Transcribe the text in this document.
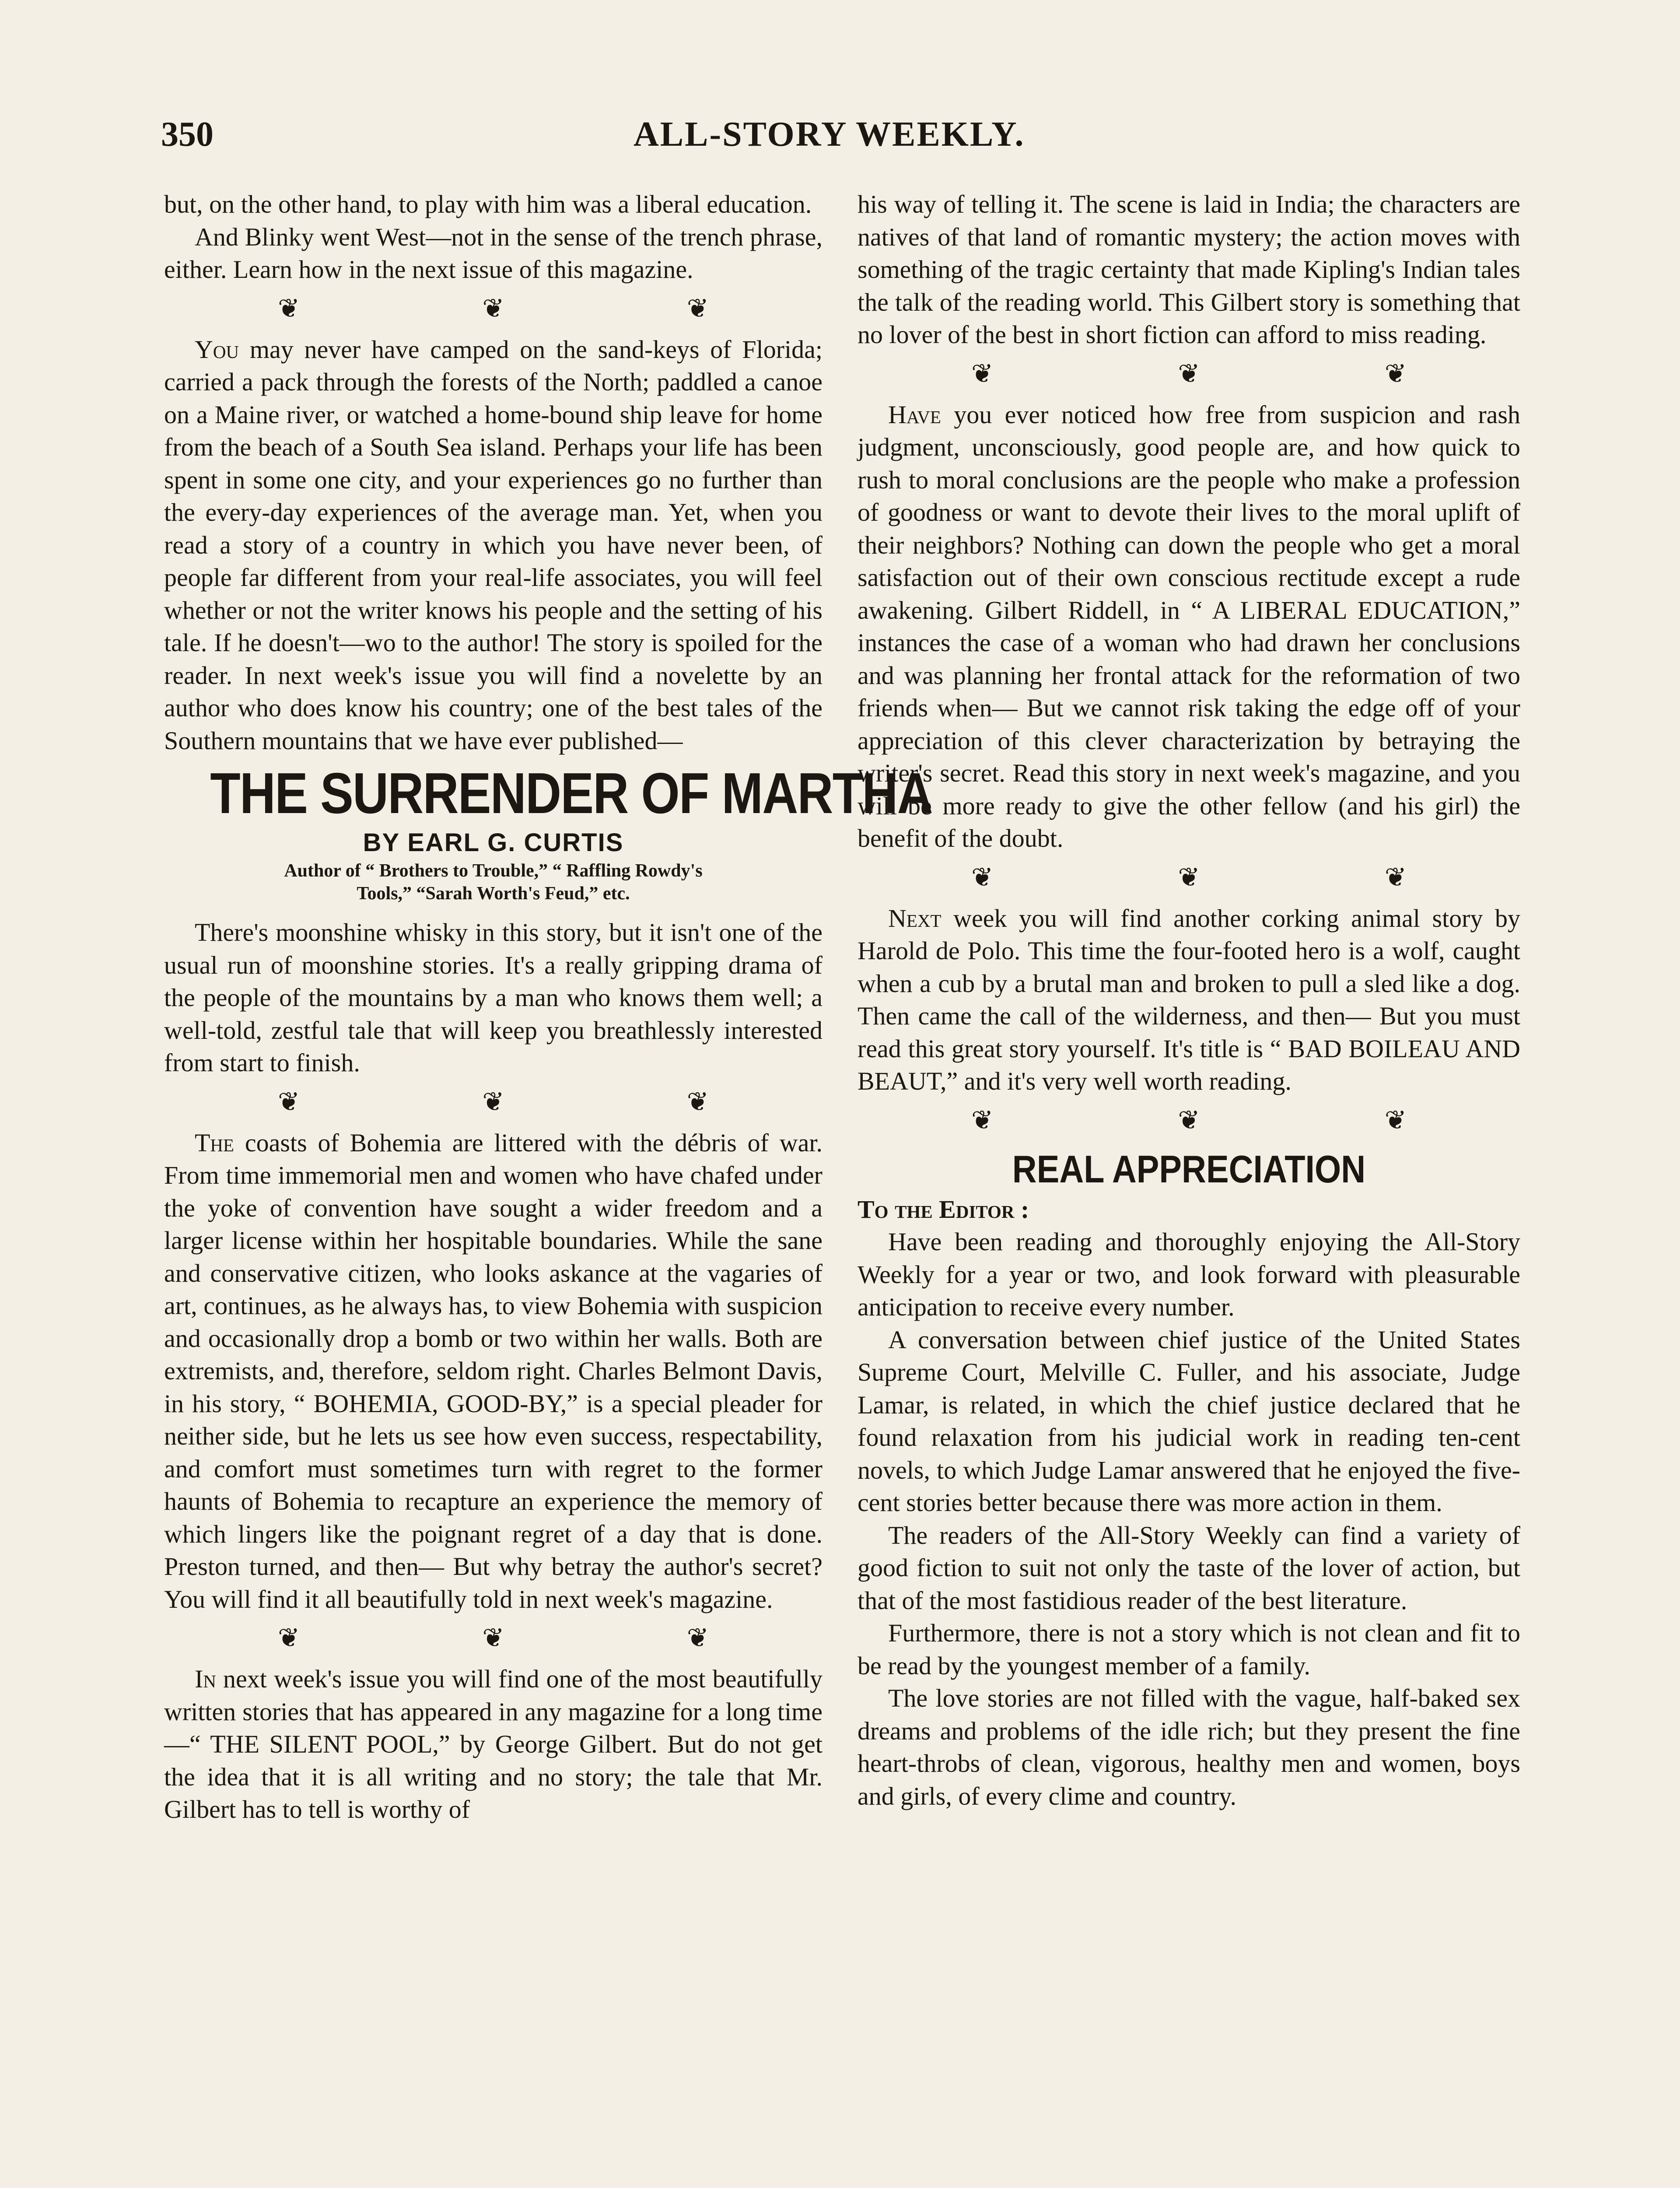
350	ALL-STORY WEEKLY.

but, on the other hand, to play with him was a liberal education.

And Blinky went West—not in the sense of the trench phrase, either. Learn how in the next issue of this magazine.

❦	❦	❦

You may never have camped on the sand-keys of Florida; carried a pack through the forests of the North; paddled a canoe on a Maine river, or watched a home-bound ship leave for home from the beach of a South Sea island. Perhaps your life has been spent in some one city, and your experiences go no further than the every-day experiences of the average man. Yet, when you read a story of a country in which you have never been, of people far different from your real-life associates, you will feel whether or not the writer knows his people and the setting of his tale. If he doesn't—wo to the author! The story is spoiled for the reader. In next week's issue you will find a novelette by an author who does know his country; one of the best tales of the Southern mountains that we have ever published—

THE SURRENDER OF MARTHA
BY EARL G. CURTIS
Author of “ Brothers to Trouble,” “ Raffling Rowdy's
Tools,” “Sarah Worth's Feud,” etc.

There's moonshine whisky in this story, but it isn't one of the usual run of moonshine stories. It's a really gripping drama of the people of the mountains by a man who knows them well; a well-told, zestful tale that will keep you breathlessly interested from start to finish.

❦	❦	❦

The coasts of Bohemia are littered with the débris of war. From time immemorial men and women who have chafed under the yoke of convention have sought a wider freedom and a larger license within her hospitable boundaries. While the sane and conservative citizen, who looks askance at the vagaries of art, continues, as he always has, to view Bohemia with suspicion and occasionally drop a bomb or two within her walls. Both are extremists, and, therefore, seldom right. Charles Belmont Davis, in his story, “ BOHEMIA, GOOD-BY,” is a special pleader for neither side, but he lets us see how even success, respectability, and comfort must sometimes turn with regret to the former haunts of Bohemia to recapture an experience the memory of which lingers like the poignant regret of a day that is done. Preston turned, and then— But why betray the author's secret? You will find it all beautifully told in next week's magazine.

❦	❦	❦

In next week's issue you will find one of the most beautifully written stories that has appeared in any magazine for a long time—“ THE SILENT POOL,” by George Gilbert. But do not get the idea that it is all writing and no story; the tale that Mr. Gilbert has to tell is worthy of

his way of telling it. The scene is laid in India; the characters are natives of that land of romantic mystery; the action moves with something of the tragic certainty that made Kipling's Indian tales the talk of the reading world. This Gilbert story is something that no lover of the best in short fiction can afford to miss reading.

❦	❦	❦

Have you ever noticed how free from suspicion and rash judgment, unconsciously, good people are, and how quick to rush to moral conclusions are the people who make a profession of goodness or want to devote their lives to the moral uplift of their neighbors? Nothing can down the people who get a moral satisfaction out of their own conscious rectitude except a rude awakening. Gilbert Riddell, in “ A LIBERAL EDUCATION,” instances the case of a woman who had drawn her conclusions and was planning her frontal attack for the reformation of two friends when— But we cannot risk taking the edge off of your appreciation of this clever characterization by betraying the writer's secret. Read this story in next week's magazine, and you will be more ready to give the other fellow (and his girl) the benefit of the doubt.

❦	❦	❦

Next week you will find another corking animal story by Harold de Polo. This time the four-footed hero is a wolf, caught when a cub by a brutal man and broken to pull a sled like a dog. Then came the call of the wilderness, and then— But you must read this great story yourself. It's title is “ BAD BOILEAU AND BEAUT,” and it's very well worth reading.

❦	❦	❦
REAL APPRECIATION

To the Editor :

Have been reading and thoroughly enjoying the All-Story Weekly for a year or two, and look forward with pleasurable anticipation to receive every number.

A conversation between chief justice of the United States Supreme Court, Melville C. Fuller, and his associate, Judge Lamar, is related, in which the chief justice declared that he found relaxation from his judicial work in reading ten-cent novels, to which Judge Lamar answered that he enjoyed the five-cent stories better because there was more action in them.

The readers of the All-Story Weekly can find a variety of good fiction to suit not only the taste of the lover of action, but that of the most fastidious reader of the best literature.

Furthermore, there is not a story which is not clean and fit to be read by the youngest member of a family.

The love stories are not filled with the vague, half-baked sex dreams and problems of the idle rich; but they present the fine heart-throbs of clean, vigorous, healthy men and women, boys and girls, of every clime and country.
